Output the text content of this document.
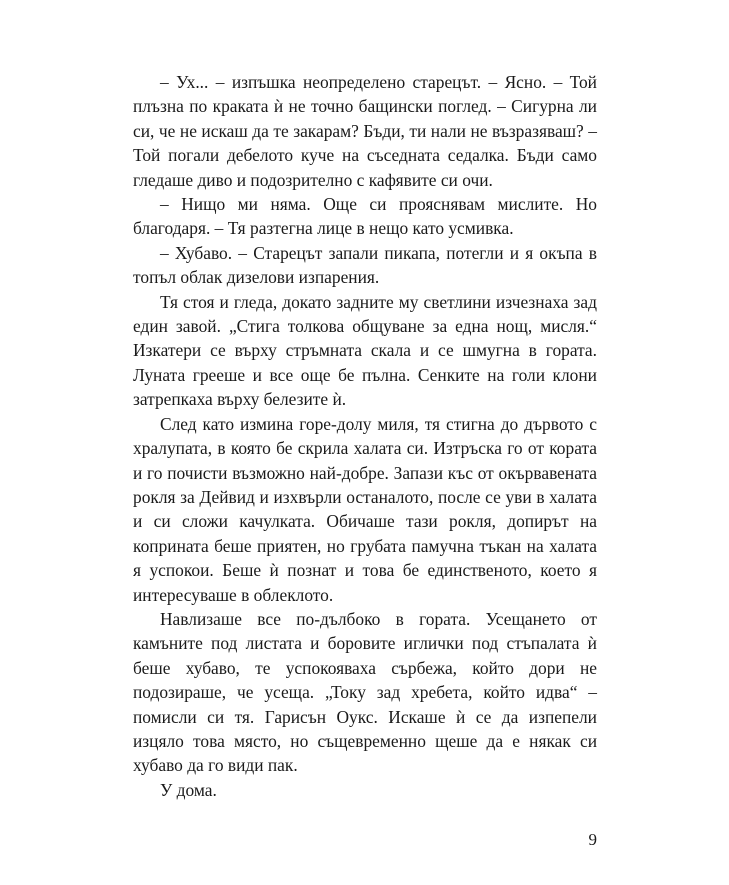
– Ух... – изпъшка неопределено старецът. – Ясно. – Той плъзна по краката ѝ не точно бащински поглед. – Сигурна ли си, че не искаш да те закарам? Бъди, ти нали не възразяваш? – Той погали дебелото куче на съседната седалка. Бъди само гледаше диво и подозрително с кафявите си очи.

– Нищо ми няма. Още си прояснявам мислите. Но благодаря. – Тя разтегна лице в нещо като усмивка.

– Хубаво. – Старецът запали пикапа, потегли и я окъпа в топъл облак дизелови изпарения.

Тя стоя и гледа, докато задните му светлини изчезнаха зад един завой. „Стига толкова общуване за една нощ, мисля.“ Изкатери се върху стръмната скала и се шмугна в гората. Луната грееше и все още бе пълна. Сенките на голи клони затрепкаха върху белезите ѝ.

След като измина горе-долу миля, тя стигна до дървото с хралупата, в която бе скрила халата си. Изтръска го от кората и го почисти възможно най-добре. Запази къс от окървавената рокля за Дейвид и изхвърли останалото, после се уви в халата и си сложи качулката. Обичаше тази рокля, допирът на коприната беше приятен, но грубата памучна тъкан на халата я успокои. Беше ѝ познат и това бе единственото, което я интересуваше в облеклото.

Навлизаше все по-дълбоко в гората. Усещането от камъните под листата и боровите иглички под стъпалата ѝ беше хубаво, те успокояваха сърбежа, който дори не подозираше, че усеща. „Току зад хребета, който идва“ – помисли си тя. Гарисън Оукс. Искаше ѝ се да изпепели изцяло това място, но същевременно щеше да е някак си хубаво да го види пак.

У дома.

9
